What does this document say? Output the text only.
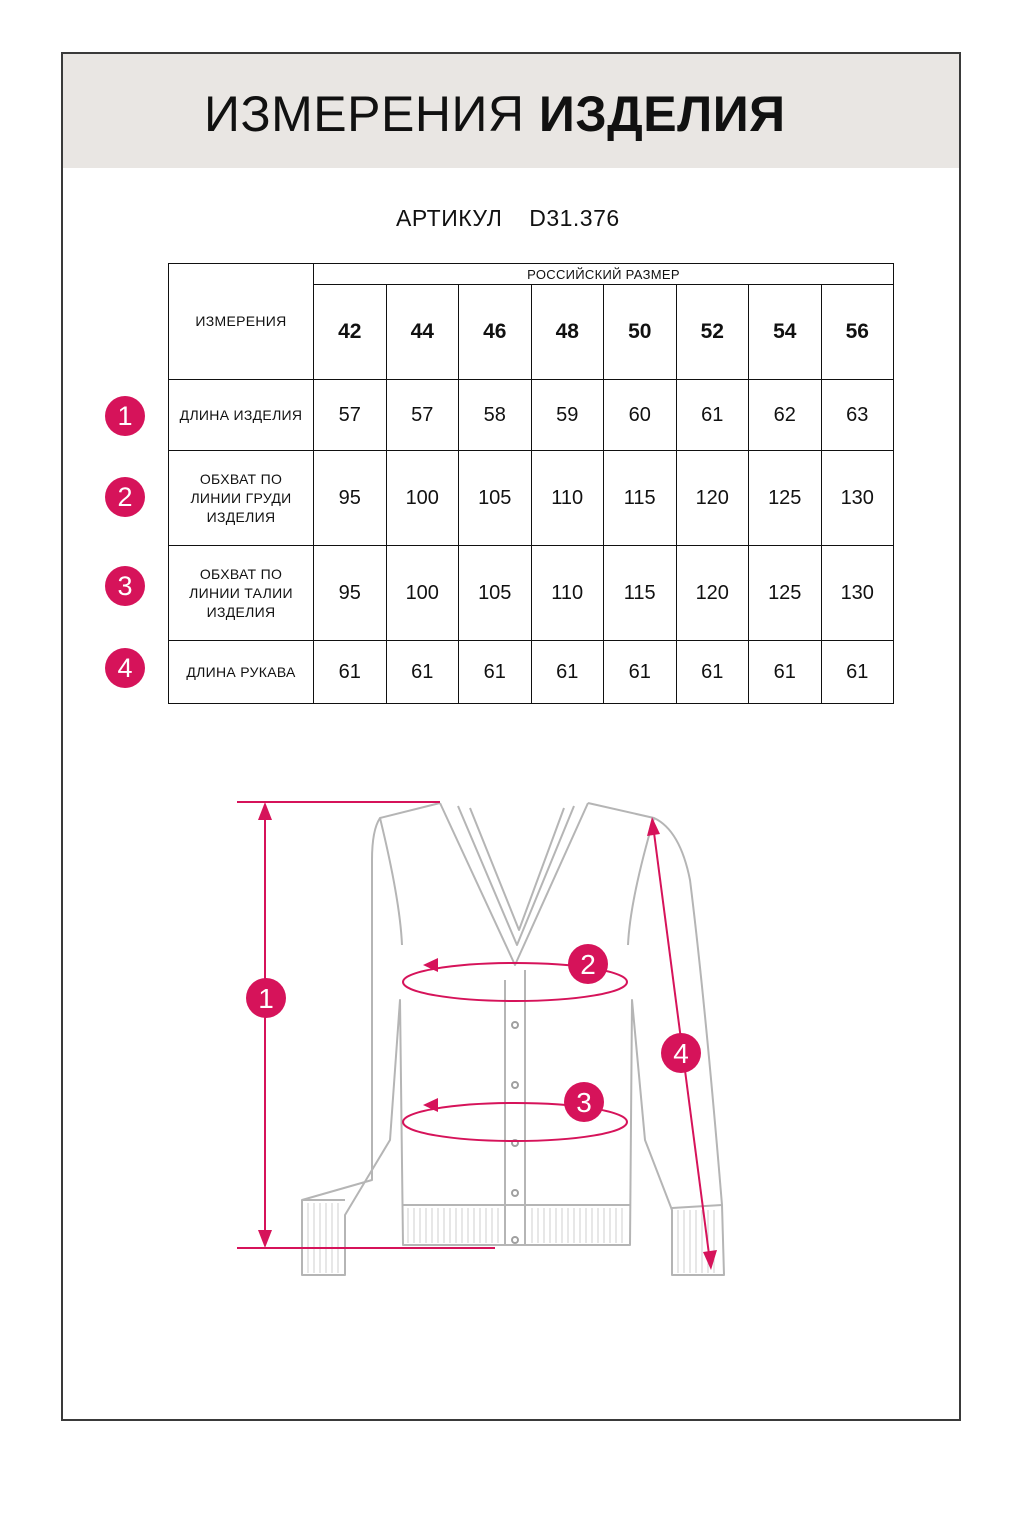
ИЗМЕРЕНИЯ ИЗДЕЛИЯ
АРТИКУЛ D31.376
ИЗМЕРЕНИЯ	РОССИЙСКИЙ РАЗМЕР							
	42	44	46	48	50	52	54	56
ДЛИНА ИЗДЕЛИЯ	57	57	58	59	60	61	62	63
ОБХВАТ ПО ЛИНИИ ГРУДИ ИЗДЕЛИЯ	95	100	105	110	115	120	125	130
ОБХВАТ ПО ЛИНИИ ТАЛИИ ИЗДЕЛИЯ	95	100	105	110	115	120	125	130
ДЛИНА РУКАВА	61	61	61	61	61	61	61	61
1
2
3
4
1
2
3
4
